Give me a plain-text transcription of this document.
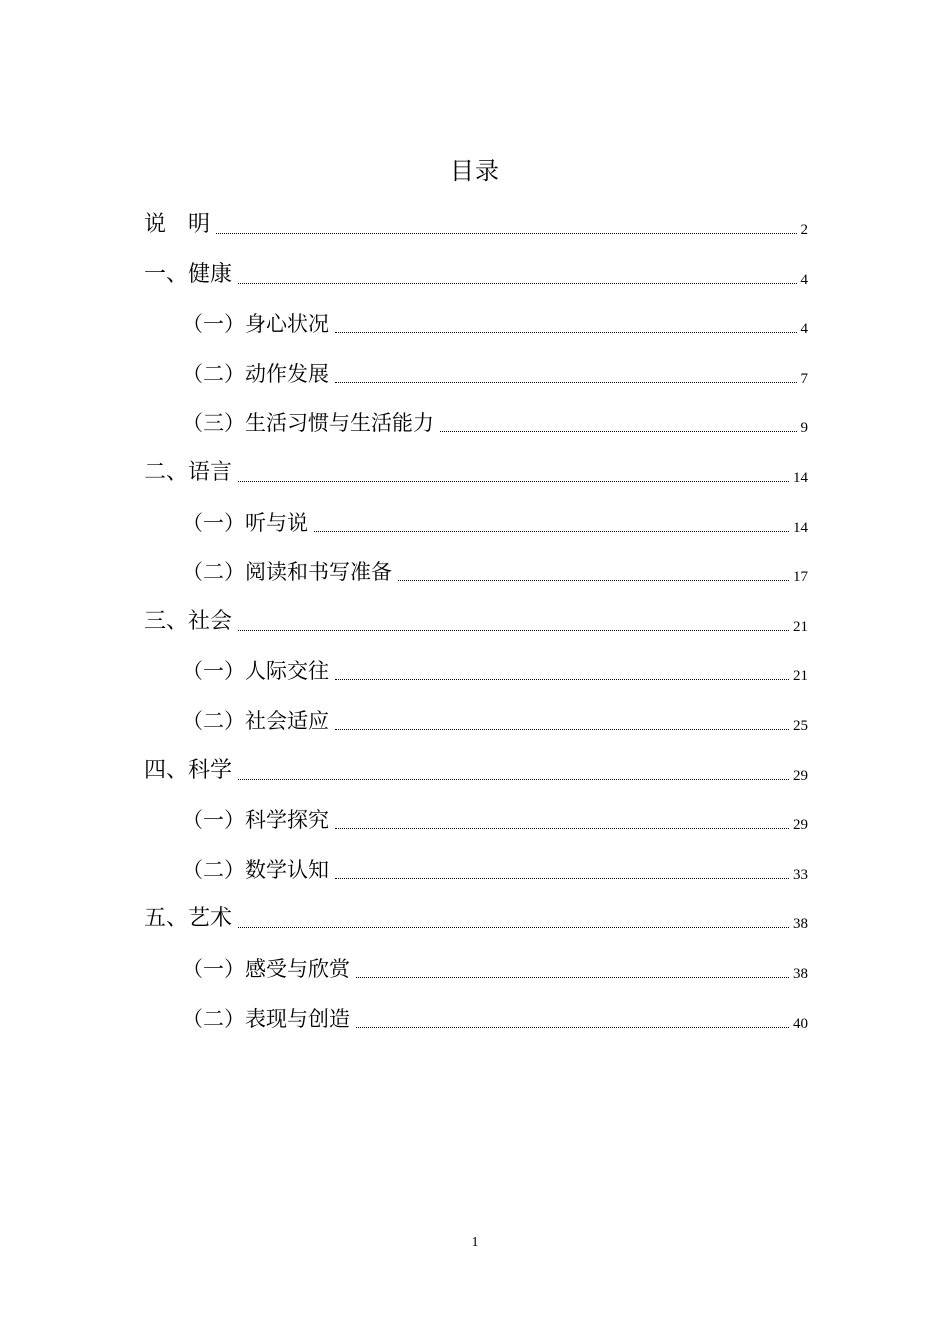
目录
说　明	2
一、健康	4
（一）身心状况	4
（二）动作发展	7
（三）生活习惯与生活能力	9
二、语言	14
（一）听与说	14
（二）阅读和书写准备	17
三、社会	21
（一）人际交往	21
（二）社会适应	25
四、科学	29
（一）科学探究	29
（二）数学认知	33
五、艺术	38
（一）感受与欣赏	38
（二）表现与创造	40
1
